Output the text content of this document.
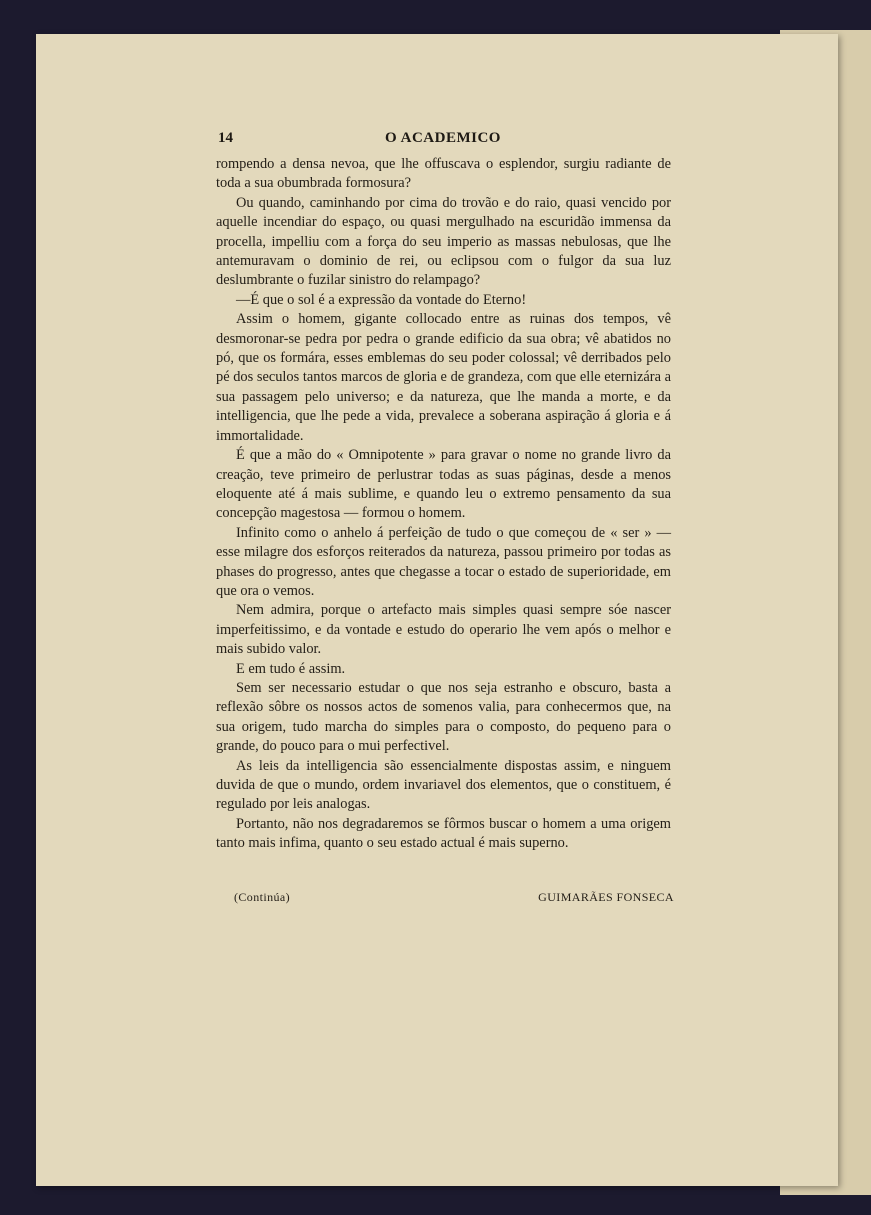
14	O ACADEMICO

rompendo a densa nevoa, que lhe offuscava o esplendor, surgiu radiante de toda a sua obumbrada formosura?

Ou quando, caminhando por cima do trovão e do raio, quasi vencido por aquelle incendiar do espaço, ou quasi mergulhado na escuridão immensa da procella, impelliu com a força do seu imperio as massas nebulosas, que lhe antemuravam o dominio de rei, ou eclipsou com o fulgor da sua luz deslumbrante o fuzilar sinistro do relampago?

—É que o sol é a expressão da vontade do Eterno!

Assim o homem, gigante collocado entre as ruinas dos tempos, vê desmoronar-se pedra por pedra o grande edificio da sua obra; vê abatidos no pó, que os formára, esses emblemas do seu poder colossal; vê derribados pelo pé dos seculos tantos marcos de gloria e de grandeza, com que elle eternizára a sua passagem pelo universo; e da natureza, que lhe manda a morte, e da intelligencia, que lhe pede a vida, prevalece a soberana aspiração á gloria e á immortalidade.

É que a mão do « Omnipotente » para gravar o nome no grande livro da creação, teve primeiro de perlustrar todas as suas páginas, desde a menos eloquente até á mais sublime, e quando leu o extremo pensamento da sua concepção magestosa — formou o homem.

Infinito como o anhelo á perfeição de tudo o que começou de « ser » — esse milagre dos esforços reiterados da natureza, passou primeiro por todas as phases do progresso, antes que chegasse a tocar o estado de superioridade, em que ora o vemos.

Nem admira, porque o artefacto mais simples quasi sempre sóe nascer imperfeitissimo, e da vontade e estudo do operario lhe vem após o melhor e mais subido valor.

E em tudo é assim.

Sem ser necessario estudar o que nos seja estranho e obscuro, basta a reflexão sôbre os nossos actos de somenos valia, para conhecermos que, na sua origem, tudo marcha do simples para o composto, do pequeno para o grande, do pouco para o mui perfectivel.

As leis da intelligencia são essencialmente dispostas assim, e ninguem duvida de que o mundo, ordem invariavel dos elementos, que o constituem, é regulado por leis analogas.

Portanto, não nos degradaremos se fôrmos buscar o homem a uma origem tanto mais infima, quanto o seu estado actual é mais superno.

(Continúa)	GUIMARÃES FONSECA
